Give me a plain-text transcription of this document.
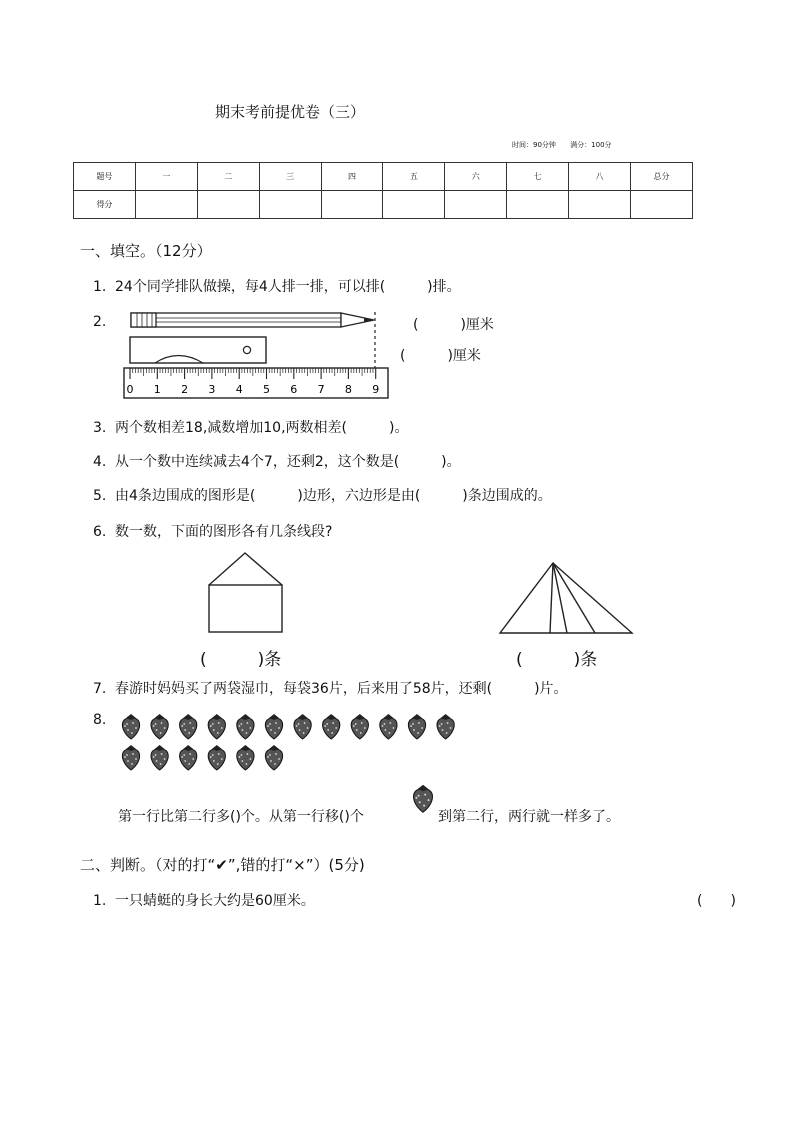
期末考前提优卷（三）
时间：90分钟 满分：100分
题号	一	二	三	四	五	六	七	八	总分
得分									
一、填空。（12分）
1. 24个同学排队做操，每4人排一排，可以排(　　　)排。
2.
0 1 2 3 4 5 6 7 8 9
(　　　)厘米
(　　　)厘米
3. 两个数相差18,减数增加10,两数相差(　　　)。
4. 从一个数中连续减去4个7，还剩2，这个数是(　　　)。
5. 由4条边围成的图形是(　　　)边形，六边形是由(　　　)条边围成的。
6. 数一数，下面的图形各有几条线段?
(　　　)条	(　　　)条
7. 春游时妈妈买了两袋湿巾，每袋36片，后来用了58片，还剩(　　　)片。
8.
第一行比第二行多()个。从第一行移()个	到第二行，两行就一样多了。
二、判断。（对的打“✔”,错的打“×”）(5分)
1. 一只蜻蜓的身长大约是60厘米。	(　　)
